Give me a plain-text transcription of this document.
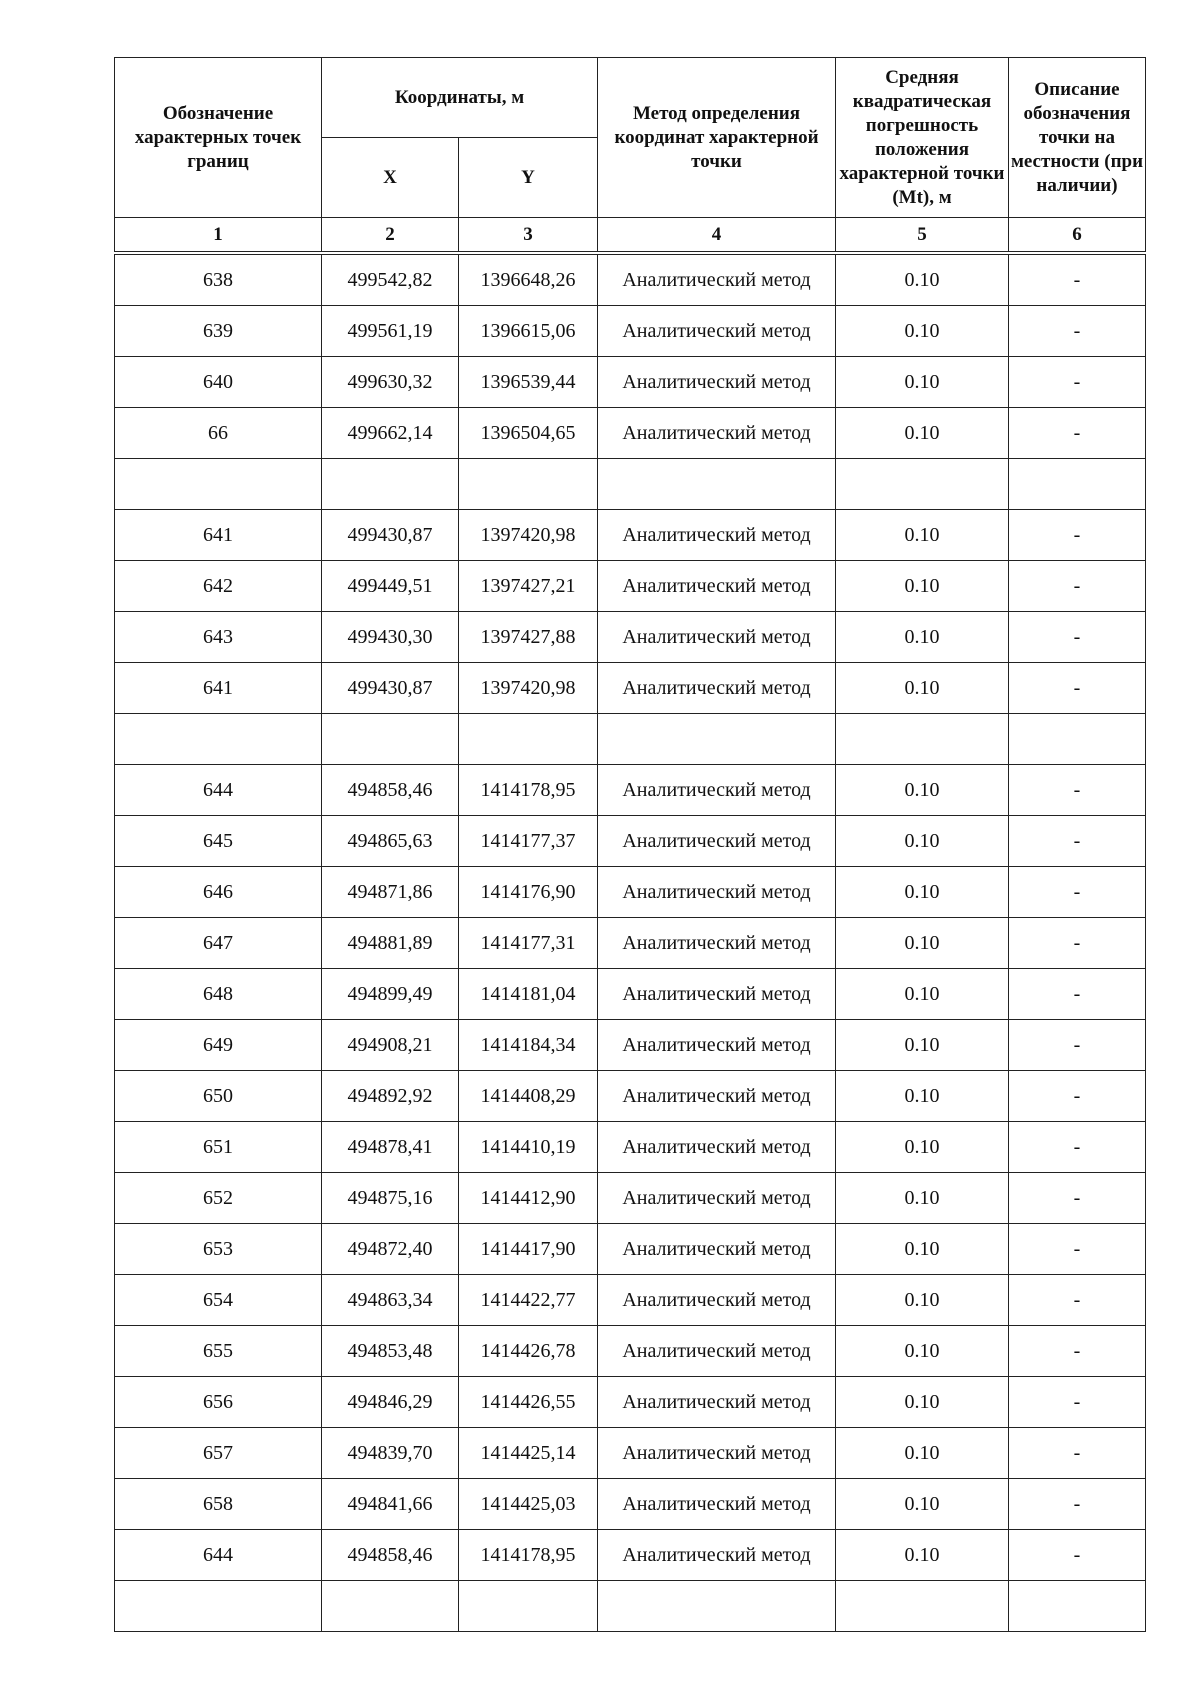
Обозначение характерных точек границ	Координаты, м		Метод определения координат характерной точки	Средняя квадратическая погрешность положения характерной точки (Mt), м	Описание обозначения точки на местности (при наличии)
	X	Y			
1	2	3	4	5	6
638	499542,82	1396648,26	Аналитический метод	0.10	-
639	499561,19	1396615,06	Аналитический метод	0.10	-
640	499630,32	1396539,44	Аналитический метод	0.10	-
66	499662,14	1396504,65	Аналитический метод	0.10	-

641	499430,87	1397420,98	Аналитический метод	0.10	-
642	499449,51	1397427,21	Аналитический метод	0.10	-
643	499430,30	1397427,88	Аналитический метод	0.10	-
641	499430,87	1397420,98	Аналитический метод	0.10	-

644	494858,46	1414178,95	Аналитический метод	0.10	-
645	494865,63	1414177,37	Аналитический метод	0.10	-
646	494871,86	1414176,90	Аналитический метод	0.10	-
647	494881,89	1414177,31	Аналитический метод	0.10	-
648	494899,49	1414181,04	Аналитический метод	0.10	-
649	494908,21	1414184,34	Аналитический метод	0.10	-
650	494892,92	1414408,29	Аналитический метод	0.10	-
651	494878,41	1414410,19	Аналитический метод	0.10	-
652	494875,16	1414412,90	Аналитический метод	0.10	-
653	494872,40	1414417,90	Аналитический метод	0.10	-
654	494863,34	1414422,77	Аналитический метод	0.10	-
655	494853,48	1414426,78	Аналитический метод	0.10	-
656	494846,29	1414426,55	Аналитический метод	0.10	-
657	494839,70	1414425,14	Аналитический метод	0.10	-
658	494841,66	1414425,03	Аналитический метод	0.10	-
644	494858,46	1414178,95	Аналитический метод	0.10	-
